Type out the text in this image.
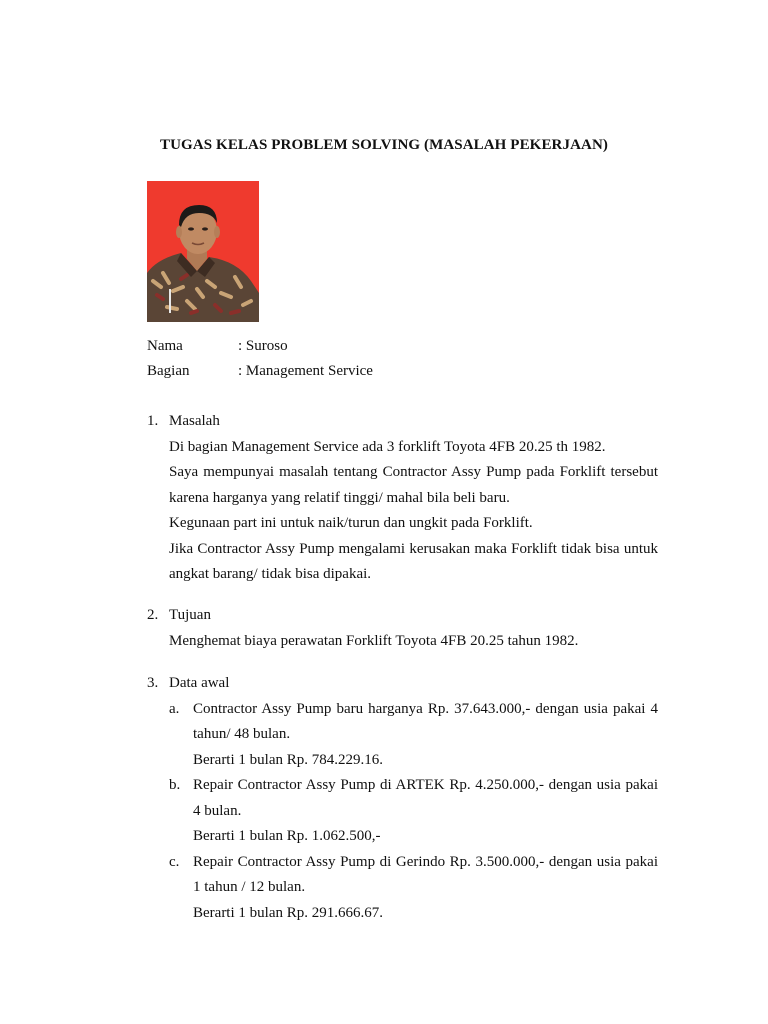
TUGAS KELAS PROBLEM SOLVING (MASALAH PEKERJAAN)
Nama	: Suroso
Bagian	: Management Service
1. Masalah

Di bagian Management Service ada 3 forklift Toyota 4FB 20.25 th 1982.

Saya mempunyai masalah tentang Contractor Assy Pump pada Forklift tersebut karena harganya yang relatif tinggi/ mahal bila beli baru.

Kegunaan part ini untuk naik/turun dan ungkit pada Forklift.

Jika Contractor Assy Pump mengalami kerusakan maka Forklift tidak bisa untuk angkat barang/ tidak bisa dipakai.

2. Tujuan

Menghemat biaya perawatan Forklift Toyota 4FB 20.25 tahun 1982.

3. Data awal

a. Contractor Assy Pump baru harganya Rp. 37.643.000,- dengan usia pakai 4 tahun/ 48 bulan.

Berarti 1 bulan Rp. 784.229.16.

b. Repair Contractor Assy Pump di ARTEK Rp. 4.250.000,- dengan usia pakai 4 bulan.

Berarti 1 bulan Rp. 1.062.500,-

c. Repair Contractor Assy Pump di Gerindo Rp. 3.500.000,- dengan usia pakai 1 tahun / 12 bulan.

Berarti 1 bulan Rp. 291.666.67.
